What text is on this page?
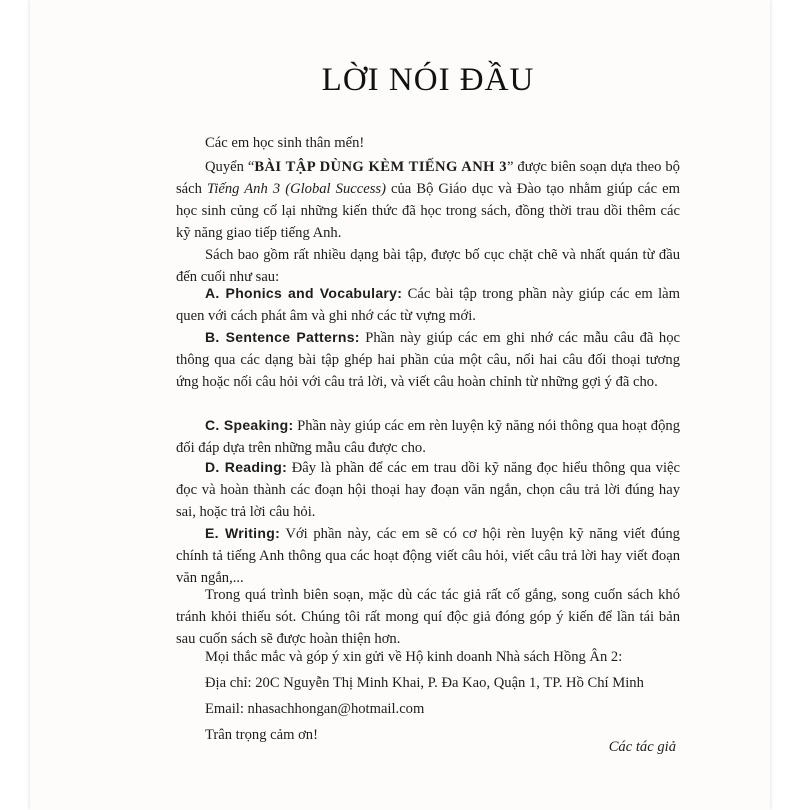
LỜI NÓI ĐẦU

Các em học sinh thân mến!

Quyển “BÀI TẬP DÙNG KÈM TIẾNG ANH 3” được biên soạn dựa theo bộ sách Tiếng Anh 3 (Global Success) của Bộ Giáo dục và Đào tạo nhằm giúp các em học sinh củng cố lại những kiến thức đã học trong sách, đồng thời trau dồi thêm các kỹ năng giao tiếp tiếng Anh.

Sách bao gồm rất nhiều dạng bài tập, được bố cục chặt chẽ và nhất quán từ đầu đến cuối như sau:

A. Phonics and Vocabulary: Các bài tập trong phần này giúp các em làm quen với cách phát âm và ghi nhớ các từ vựng mới.

B. Sentence Patterns: Phần này giúp các em ghi nhớ các mẫu câu đã học thông qua các dạng bài tập ghép hai phần của một câu, nối hai câu đối thoại tương ứng hoặc nối câu hỏi với câu trả lời, và viết câu hoàn chỉnh từ những gợi ý đã cho.

C. Speaking: Phần này giúp các em rèn luyện kỹ năng nói thông qua hoạt động đối đáp dựa trên những mẫu câu được cho.

D. Reading: Đây là phần để các em trau dồi kỹ năng đọc hiểu thông qua việc đọc và hoàn thành các đoạn hội thoại hay đoạn văn ngắn, chọn câu trả lời đúng hay sai, hoặc trả lời câu hỏi.

E. Writing: Với phần này, các em sẽ có cơ hội rèn luyện kỹ năng viết đúng chính tả tiếng Anh thông qua các hoạt động viết câu hỏi, viết câu trả lời hay viết đoạn văn ngắn,...

Trong quá trình biên soạn, mặc dù các tác giả rất cố gắng, song cuốn sách khó tránh khỏi thiếu sót. Chúng tôi rất mong quí độc giả đóng góp ý kiến để lần tái bản sau cuốn sách sẽ được hoàn thiện hơn.

Mọi thắc mắc và góp ý xin gửi về Hộ kinh doanh Nhà sách Hồng Ân 2:

Địa chỉ: 20C Nguyễn Thị Minh Khai, P. Đa Kao, Quận 1, TP. Hồ Chí Minh

Email: nhasachhongan@hotmail.com

Trân trọng cảm ơn!

Các tác giả
